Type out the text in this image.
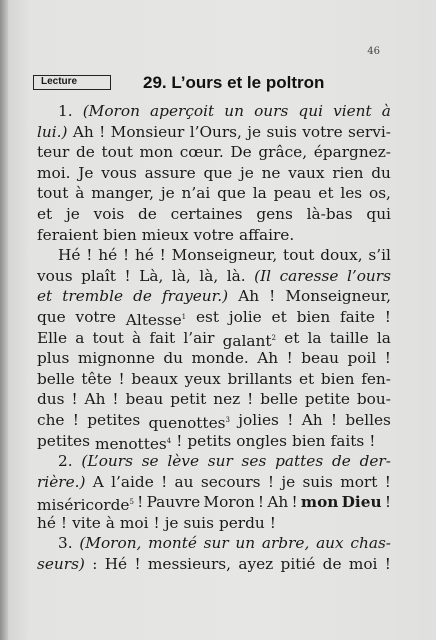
46
Lecture	29. L’ours et le poltron
1. (Moron aperçoit un ours qui vient à
lui.) Ah ! Monsieur l’Ours, je suis votre servi-
teur de tout mon cœur. De grâce, épargnez-
moi. Je vous assure que je ne vaux rien du
tout à manger, je n’ai que la peau et les os,
et je vois de certaines gens là-bas qui
feraient bien mieux votre affaire.
Hé ! hé ! hé ! Monseigneur, tout doux, s’il
vous plaît ! Là, là, là, là. (Il caresse l’ours
et tremble de frayeur.) Ah ! Monseigneur,
que votre Altesse$^1$ est jolie et bien faite !
Elle a tout à fait l’air galant$^2$ et la taille la
plus mignonne du monde. Ah ! beau poil !
belle tête ! beaux yeux brillants et bien fen-
dus ! Ah ! beau petit nez ! belle petite bou-
che ! petites quenottes$^3$ jolies ! Ah ! belles
petites menottes$^4$ ! petits ongles bien faits !
2. (L’ours se lève sur ses pattes de der-
rière.) A l’aide ! au secours ! je suis mort !
miséricorde$^5$ ! Pauvre Moron ! Ah ! mon Dieu !
hé ! vite à moi ! je suis perdu !
3. (Moron, monté sur un arbre, aux chas-
seurs) : Hé ! messieurs, ayez pitié de moi !
